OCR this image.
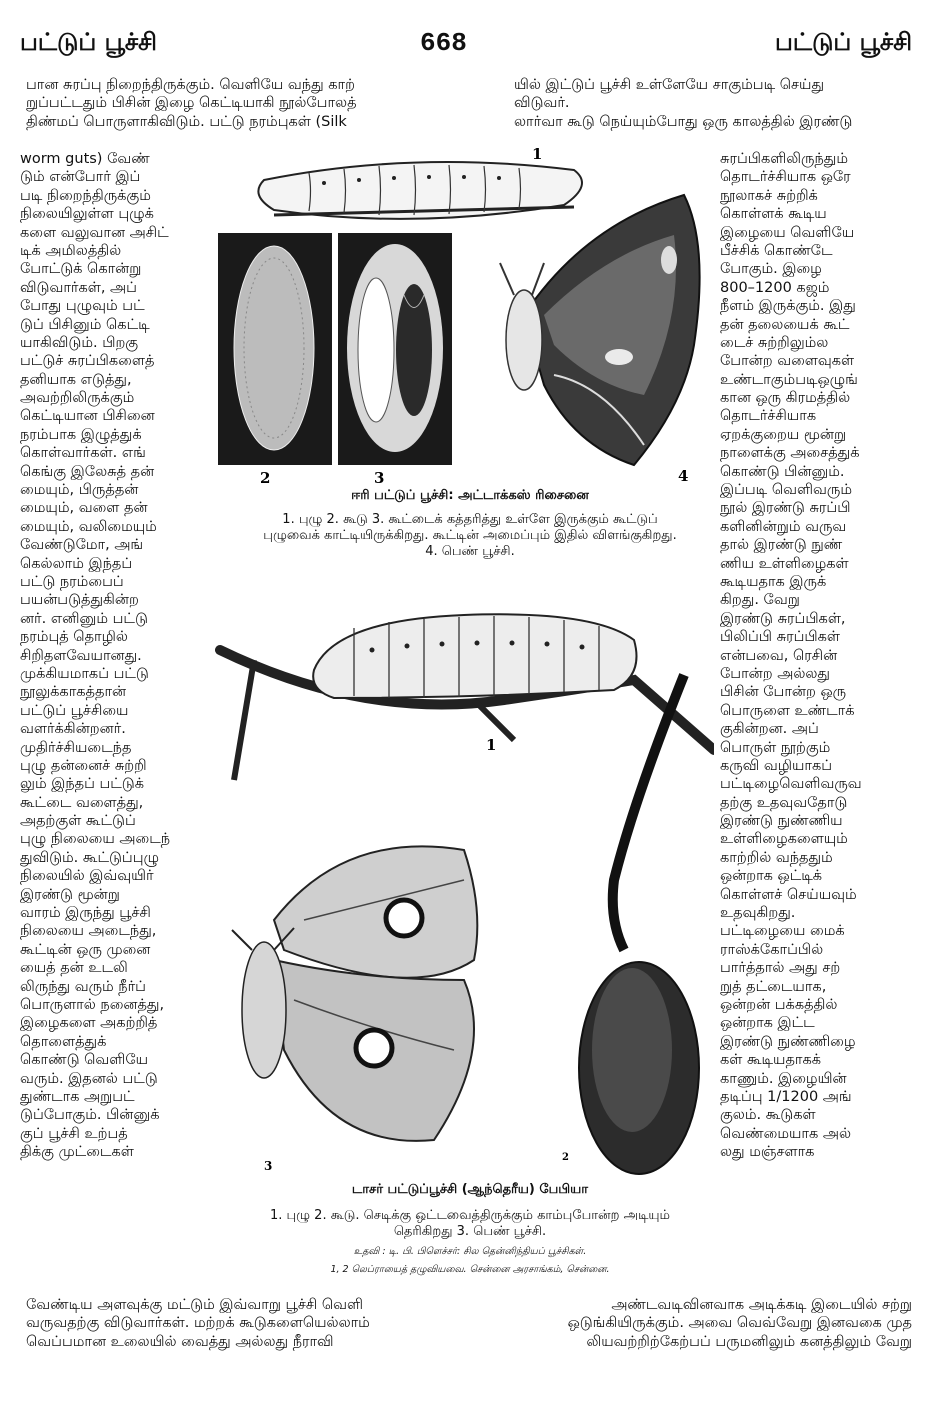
பட்டுப் பூச்சி	668	பட்டுப் பூச்சி
பான சுரப்பு நிறைந்திருக்கும். வெளியே வந்து காற்
றுப்பட்டதும் பிசின் இழை கெட்டியாகி நூல்போலத்
திண்மப் பொருளாகிவிடும். பட்டு நரம்புகள் (Silk
யில் இட்டுப் பூச்சி உள்ளேயே சாகும்படி செய்து
விடுவர்.
லார்வா கூடு நெய்யும்போது ஒரு காலத்தில் இரண்டு
worm guts) வேண்
டும் என்போர் இப்
படி நிறைந்திருக்கும்
நிலையிலுள்ள புழுக்
களை வலுவான அசிட்
டிக் அமிலத்தில்
போட்டுக் கொன்று
விடுவார்கள், அப்
போது புழுவும் பட்
டுப் பிசினும் கெட்டி
யாகிவிடும். பிறகு
பட்டுச் சுரப்பிகளைத்
தனியாக எடுத்து,
அவற்றிலிருக்கும்
கெட்டியான பிசினை
நரம்பாக இழுத்துக்
கொள்வார்கள். எங்
கெங்கு இலேசுத் தன்
மையும், பிருத்தன்
மையும், வளை தன்
மையும், வலிமையும்
வேண்டுமோ, அங்
கெல்லாம் இந்தப்
பட்டு நரம்பைப்
பயன்படுத்துகின்ற
னர். எனினும் பட்டு
நரம்புத் தொழில்
சிறிதளவேயானது.
முக்கியமாகப் பட்டு
நூலுக்காகத்தான்
பட்டுப் பூச்சியை
வளர்க்கின்றனர்.
முதிர்ச்சியடைந்த
புழு தன்னைச் சுற்றி
லும் இந்தப் பட்டுக்
கூட்டை வளைத்து,
அதற்குள் கூட்டுப்
புழு நிலையை அடைந்
துவிடும். கூட்டுப்புழு
நிலையில் இவ்வுயிர்
இரண்டு மூன்று
வாரம் இருந்து பூச்சி
நிலையை அடைந்து,
கூட்டின் ஒரு முனை
யைத் தன் உடலி
லிருந்து வரும் நீர்ப்
பொருளால் நனைத்து,
இழைகளை அகற்றித்
தொளைத்துக்
கொண்டு வெளியே
வரும். இதனல் பட்டு
துண்டாக அறுபட்
டுப்போகும். பின்னுக்
குப் பூச்சி உற்பத்
திக்கு முட்டைகள்
சுரப்பிகளிலிருந்தும்
தொடர்ச்சியாக ஒரே
நூலாகச் சுற்றிக்
கொள்ளக் கூடிய
இழையை வெளியே
பீச்சிக் கொண்டே
போகும். இழை
800–1200 கஜம்
நீளம் இருக்கும். இது
தன் தலையைக் கூட்
டைச் சுற்றிலும்ல
போன்ற வளைவுகள்
உண்டாகும்படிஒழுங்
கான ஒரு கிரமத்தில்
தொடர்ச்சியாக
ஏறக்குறைய மூன்று
நாளைக்கு அசைத்துக்
கொண்டு பின்னும்.
இப்படி வெளிவரும்
நூல் இரண்டு சுரப்பி
களினின்றும் வருவ
தால் இரண்டு நுண்
ணிய உள்ளிழைகள்
கூடியதாக இருக்
கிறது. வேறு
இரண்டு சுரப்பிகள்,
பிலிப்பி சுரப்பிகள்
என்பவை, ரெசின்
போன்ற அல்லது
பிசின் போன்ற ஒரு
பொருளை உண்டாக்
குகின்றன. அப்
பொருள் நூற்கும்
கருவி வழியாகப்
பட்டிழைவெளிவருவ
தற்கு உதவுவதோடு
இரண்டு நுண்ணிய
உள்ளிழைகளையும்
காற்றில் வந்ததும்
ஒன்றாக ஒட்டிக்
கொள்ளச் செய்யவும்
உதவுகிறது.
பட்டிழையை மைக்
ராஸ்க்கோப்பில்
பார்த்தால் அது சற்
றுத் தட்டையாக,
ஒன்றன் பக்கத்தில்
ஒன்றாக இட்ட
இரண்டு நுண்ணிழை
கள் கூடியதாகக்
காணும். இழையின்
தடிப்பு 1/1200 அங்
குலம். கூடுகள்
வெண்மையாக அல்
லது மஞ்சளாக
1
2	3	4
ஈரி பட்டுப் பூச்சி: அட்டாக்கஸ் ரிசைனை
1. புழு 2. கூடு 3. கூட்டைக் கத்தரித்து உள்ளே இருக்கும் கூட்டுப்
புழுவைக் காட்டியிருக்கிறது. கூட்டின் அமைப்பும் இதில் விளங்குகிறது.
4. பெண் பூச்சி.
1
2
3
டாசர் பட்டுப்பூச்சி (ஆந்தெரீய) பேபியா
1. புழு 2. கூடு. செடிக்கு ஒட்டவைத்திருக்கும் காம்புபோன்ற அடியும்
தெரிகிறது 3. பெண் பூச்சி.
உதவி : டி. பி. பிளெச்சர்: சில தென்னிந்தியப் பூச்சிகள்.
1, 2 லெப்ராயைத் தழுவியவை. சென்னை அரசாங்கம், சென்னை.
வேண்டிய அளவுக்கு மட்டும் இவ்வாறு பூச்சி வெளி	அண்டவடிவினவாக அடிக்கடி இடையில் சற்று
வருவதற்கு விடுவார்கள். மற்றக் கூடுகளையெல்லாம்	ஒடுங்கியிருக்கும். அவை வெவ்வேறு இனவகை முத
வெப்பமான உலையில் வைத்து அல்லது நீராவி	லியவற்றிற்கேற்பப் பருமனிலும் கனத்திலும் வேறு
